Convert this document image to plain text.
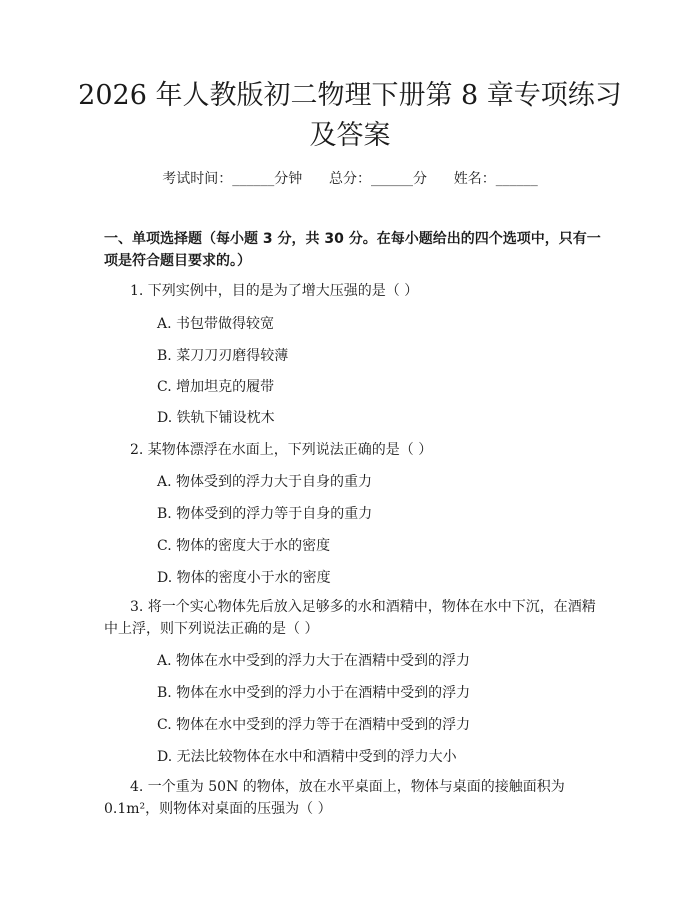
2026 年人教版初二物理下册第 8 章专项练习及答案
考试时间：______分钟 总分：______分 姓名：______
一、单项选择题（每小题 3 分，共 30 分。在每小题给出的四个选项中，只有一项是符合题目要求的。）
1. 下列实例中，目的是为了增大压强的是（ ）
A. 书包带做得较宽
B. 菜刀刀刃磨得较薄
C. 增加坦克的履带
D. 铁轨下铺设枕木
2. 某物体漂浮在水面上，下列说法正确的是（ ）
A. 物体受到的浮力大于自身的重力
B. 物体受到的浮力等于自身的重力
C. 物体的密度大于水的密度
D. 物体的密度小于水的密度
3. 将一个实心物体先后放入足够多的水和酒精中，物体在水中下沉，在酒精中上浮，则下列说法正确的是（ ）
A. 物体在水中受到的浮力大于在酒精中受到的浮力
B. 物体在水中受到的浮力小于在酒精中受到的浮力
C. 物体在水中受到的浮力等于在酒精中受到的浮力
D. 无法比较物体在水中和酒精中受到的浮力大小
4. 一个重为 50N 的物体，放在水平桌面上，物体与桌面的接触面积为 0.1m²，则物体对桌面的压强为（ ）
